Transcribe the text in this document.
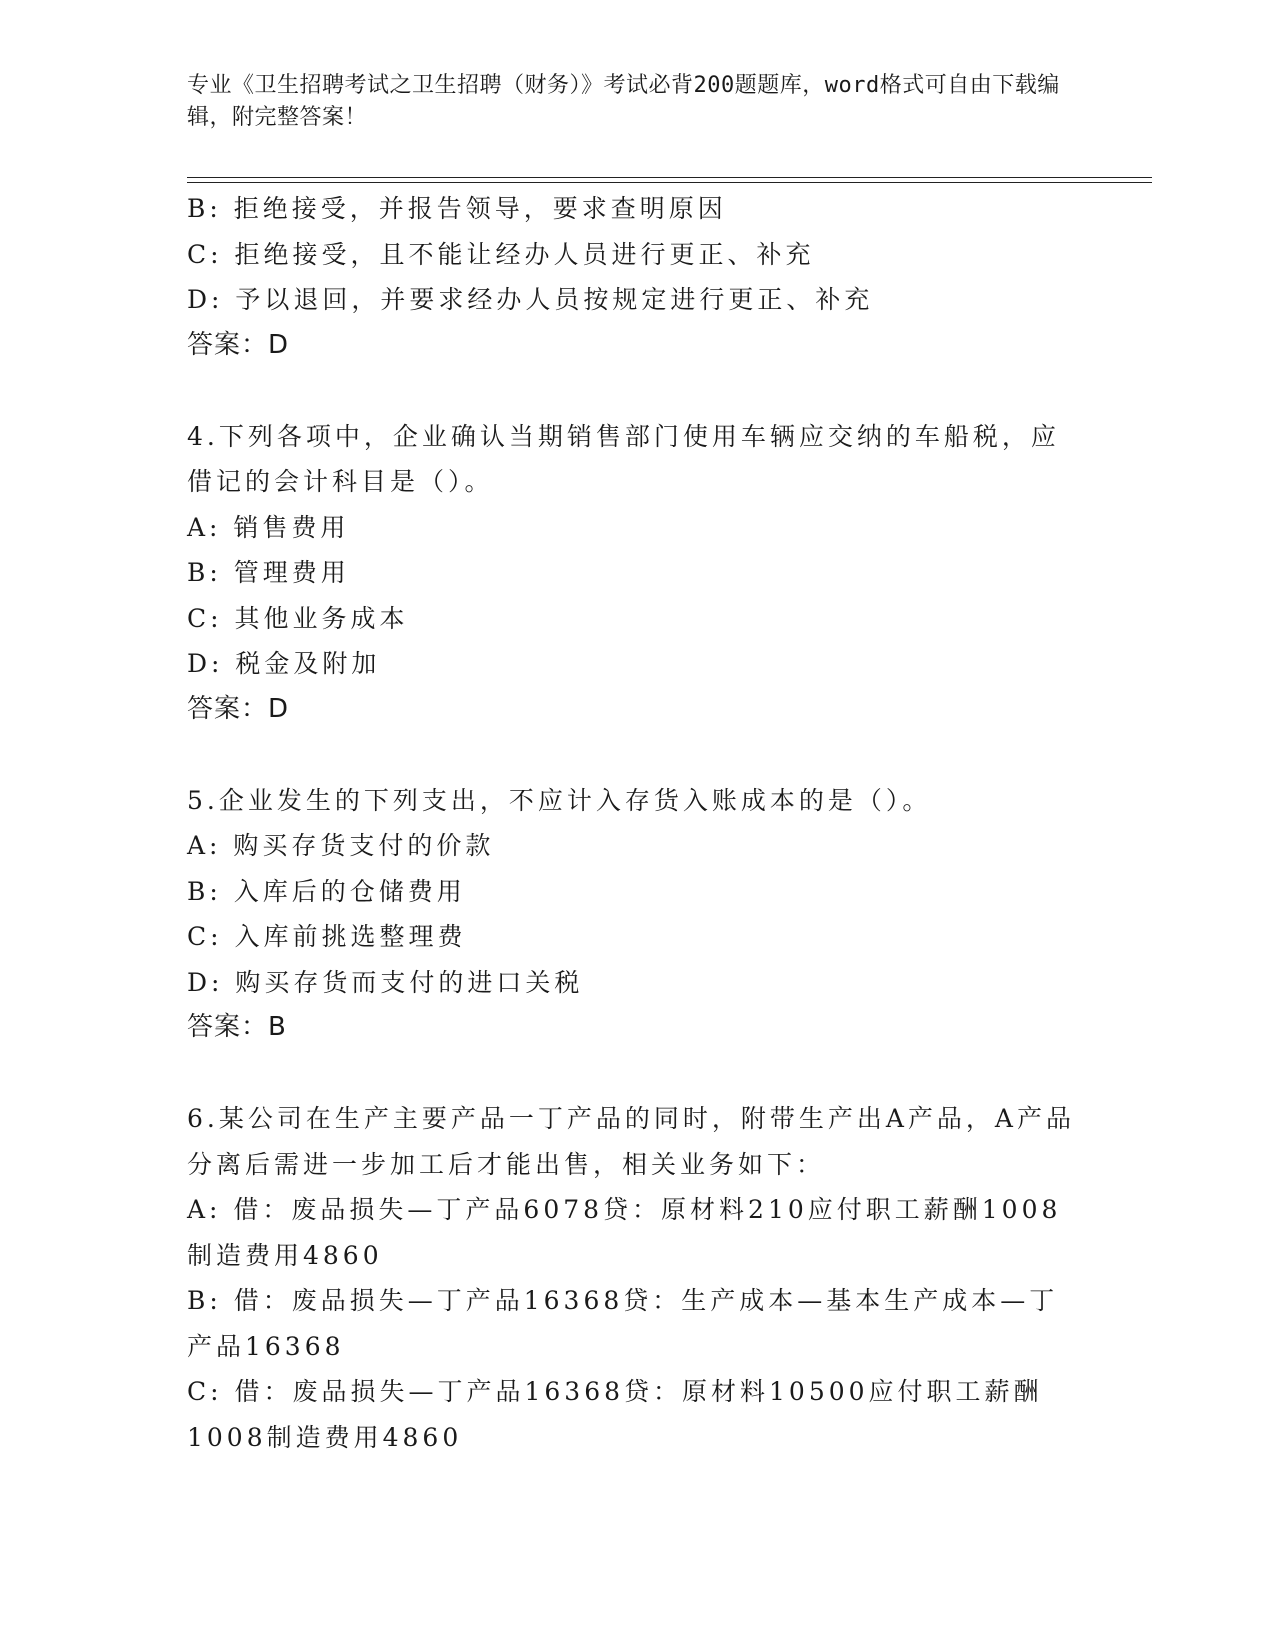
专业《卫生招聘考试之卫生招聘（财务）》考试必背200题题库，word格式可自由下载编辑，附完整答案！
B: 拒绝接受，并报告领导，要求查明原因
C: 拒绝接受，且不能让经办人员进行更正、补充
D: 予以退回，并要求经办人员按规定进行更正、补充
答案：D
4.下列各项中，企业确认当期销售部门使用车辆应交纳的车船税，应借记的会计科目是（）。
A: 销售费用
B: 管理费用
C: 其他业务成本
D: 税金及附加
答案：D
5.企业发生的下列支出，不应计入存货入账成本的是（）。
A: 购买存货支付的价款
B: 入库后的仓储费用
C: 入库前挑选整理费
D: 购买存货而支付的进口关税
答案：B
6.某公司在生产主要产品一丁产品的同时，附带生产出A产品，A产品分离后需进一步加工后才能出售，相关业务如下：
A: 借：废品损失—丁产品6078贷：原材料210应付职工薪酬1008制造费用4860
B: 借：废品损失—丁产品16368贷：生产成本—基本生产成本—丁产品16368
C: 借：废品损失—丁产品16368贷：原材料10500应付职工薪酬1008制造费用4860
